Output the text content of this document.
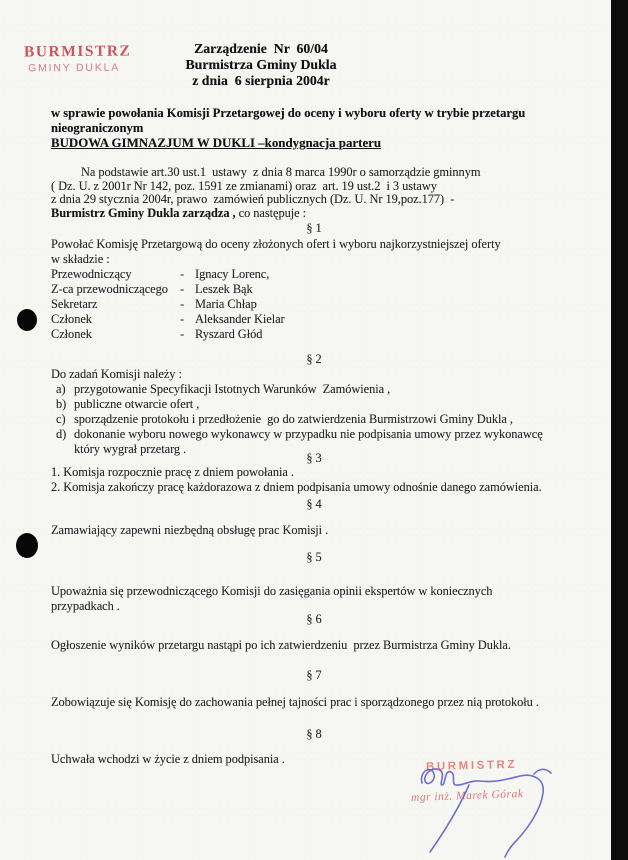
BURMISTRZ
GMINY DUKLA
Zarządzenie  Nr  60/04
Burmistrza Gminy Dukla
z dnia  6 sierpnia 2004r
w sprawie powołania Komisji Przetargowej do oceny i wyboru oferty w trybie przetargu
nieograniczonym
BUDOWA GIMNAZJUM W DUKLI –kondygnacja parteru
Na podstawie art.30 ust.1  ustawy  z dnia 8 marca 1990r o samorządzie gminnym
( Dz. U. z 2001r Nr 142, poz. 1591 ze zmianami) oraz  art. 19 ust.2  i 3 ustawy
z dnia 29 stycznia 2004r, prawo  zamówień publicznych (Dz. U. Nr 19,poz.177)  -
Burmistrz Gminy Dukla zarządza , co następuje :
§ 1
Powołać Komisję Przetargową do oceny złożonych ofert i wyboru najkorzystniejszej oferty
w składzie :
Przewodniczący	- Ignacy Lorenc,
Z-ca przewodniczącego - Leszek Bąk
Sekretarz	- Maria Chłap
Członek	- Aleksander Kielar
Członek	- Ryszard Głód
§ 2
Do zadań Komisji należy :
a) przygotowanie Specyfikacji Istotnych Warunków  Zamówienia ,
b) publiczne otwarcie ofert ,
c) sporządzenie protokołu i przedłożenie  go do zatwierdzenia Burmistrzowi Gminy Dukla ,
d) dokonanie wyboru nowego wykonawcy w przypadku nie podpisania umowy przez wykonawcę
który wygrał przetarg .
§ 3
1. Komisja rozpocznie pracę z dniem powołania .
2. Komisja zakończy pracę każdorazowa z dniem podpisania umowy odnośnie danego zamówienia.
§ 4
Zamawiający zapewni niezbędną obsługę prac Komisji .
§ 5
Upoważnia się przewodniczącego Komisji do zasięgania opinii ekspertów w koniecznych
przypadkach .
§ 6
Ogłoszenie wyników przetargu nastąpi po ich zatwierdzeniu  przez Burmistrza Gminy Dukla.
§ 7
Zobowiązuje się Komisję do zachowania pełnej tajności prac i sporządzonego przez nią protokołu .
§ 8
Uchwała wchodzi w życie z dniem podpisania .	BURMISTRZ
mgr inż. Marek Górak
